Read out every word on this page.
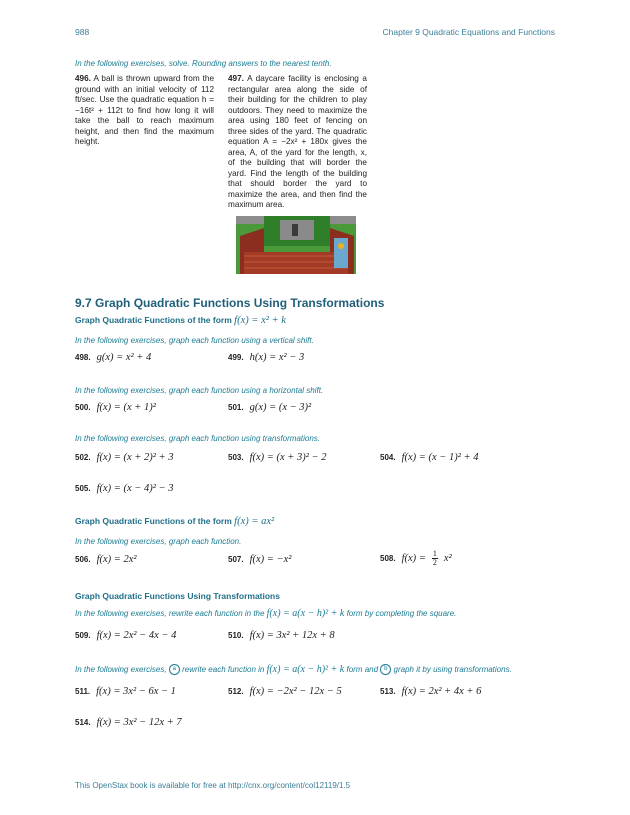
988	Chapter 9 Quadratic Equations and Functions
In the following exercises, solve. Rounding answers to the nearest tenth.
496. A ball is thrown upward from the ground with an initial velocity of 112 ft/sec. Use the quadratic equation h = −16t² + 112t to find how long it will take the ball to reach maximum height, and then find the maximum height.
497. A daycare facility is enclosing a rectangular area along the side of their building for the children to play outdoors. They need to maximize the area using 180 feet of fencing on three sides of the yard. The quadratic equation A = −2x² + 180x gives the area, A, of the yard for the length, x, of the building that will border the yard. Find the length of the building that should border the yard to maximize the area, and then find the maximum area.
9.7 Graph Quadratic Functions Using Transformations
Graph Quadratic Functions of the form f(x) = x² + k
In the following exercises, graph each function using a vertical shift.
498. g(x) = x² + 4	499. h(x) = x² − 3
In the following exercises, graph each function using a horizontal shift.
500. f(x) = (x + 1)²	501. g(x) = (x − 3)²
In the following exercises, graph each function using transformations.
502. f(x) = (x + 2)² + 3	503. f(x) = (x + 3)² − 2	504. f(x) = (x − 1)² + 4
505. f(x) = (x − 4)² − 3
Graph Quadratic Functions of the form f(x) = ax²
In the following exercises, graph each function.
506. f(x) = 2x²	507. f(x) = −x²	508. $f(x) = \frac{1}{2} x^2$
Graph Quadratic Functions Using Transformations
In the following exercises, rewrite each function in the f(x) = a(x − h)² + k form by completing the square.
509. f(x) = 2x² − 4x − 4	510. f(x) = 3x² + 12x + 8
In the following exercises, a rewrite each function in f(x) = a(x − h)² + k form and b graph it by using transformations.
511. f(x) = 3x² − 6x − 1	512. f(x) = −2x² − 12x − 5	513. f(x) = 2x² + 4x + 6
514. f(x) = 3x² − 12x + 7
This OpenStax book is available for free at http://cnx.org/content/col12119/1.5
